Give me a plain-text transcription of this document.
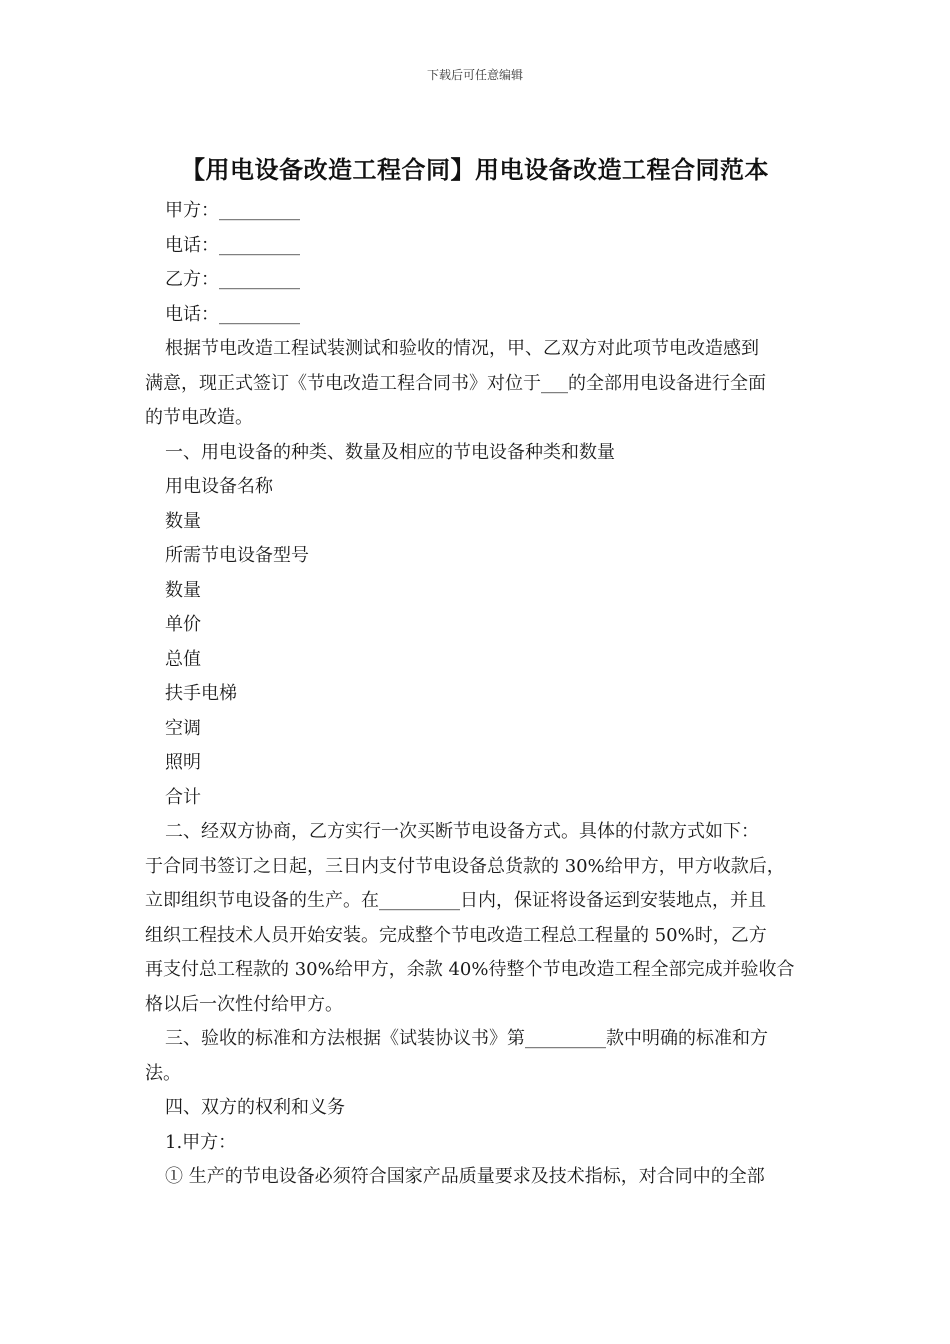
下载后可任意编辑
【用电设备改造工程合同】用电设备改造工程合同范本
甲方：_________
电话：_________
乙方：_________
电话：_________
根据节电改造工程试装测试和验收的情况，甲、乙双方对此项节电改造感到
满意，现正式签订《节电改造工程合同书》对位于___的全部用电设备进行全面
的节电改造。
一、用电设备的种类、数量及相应的节电设备种类和数量
用电设备名称
数量
所需节电设备型号
数量
单价
总值
扶手电梯
空调
照明
合计
二、经双方协商，乙方实行一次买断节电设备方式。具体的付款方式如下：
于合同书签订之日起，三日内支付节电设备总货款的 30%给甲方，甲方收款后，
立即组织节电设备的生产。在_________日内，保证将设备运到安装地点，并且
组织工程技术人员开始安装。完成整个节电改造工程总工程量的 50%时，乙方
再支付总工程款的 30%给甲方，余款 40%待整个节电改造工程全部完成并验收合
格以后一次性付给甲方。
三、验收的标准和方法根据《试装协议书》第_________款中明确的标准和方
法。
四、双方的权利和义务
1.甲方：
① 生产的节电设备必须符合国家产品质量要求及技术指标，对合同中的全部
